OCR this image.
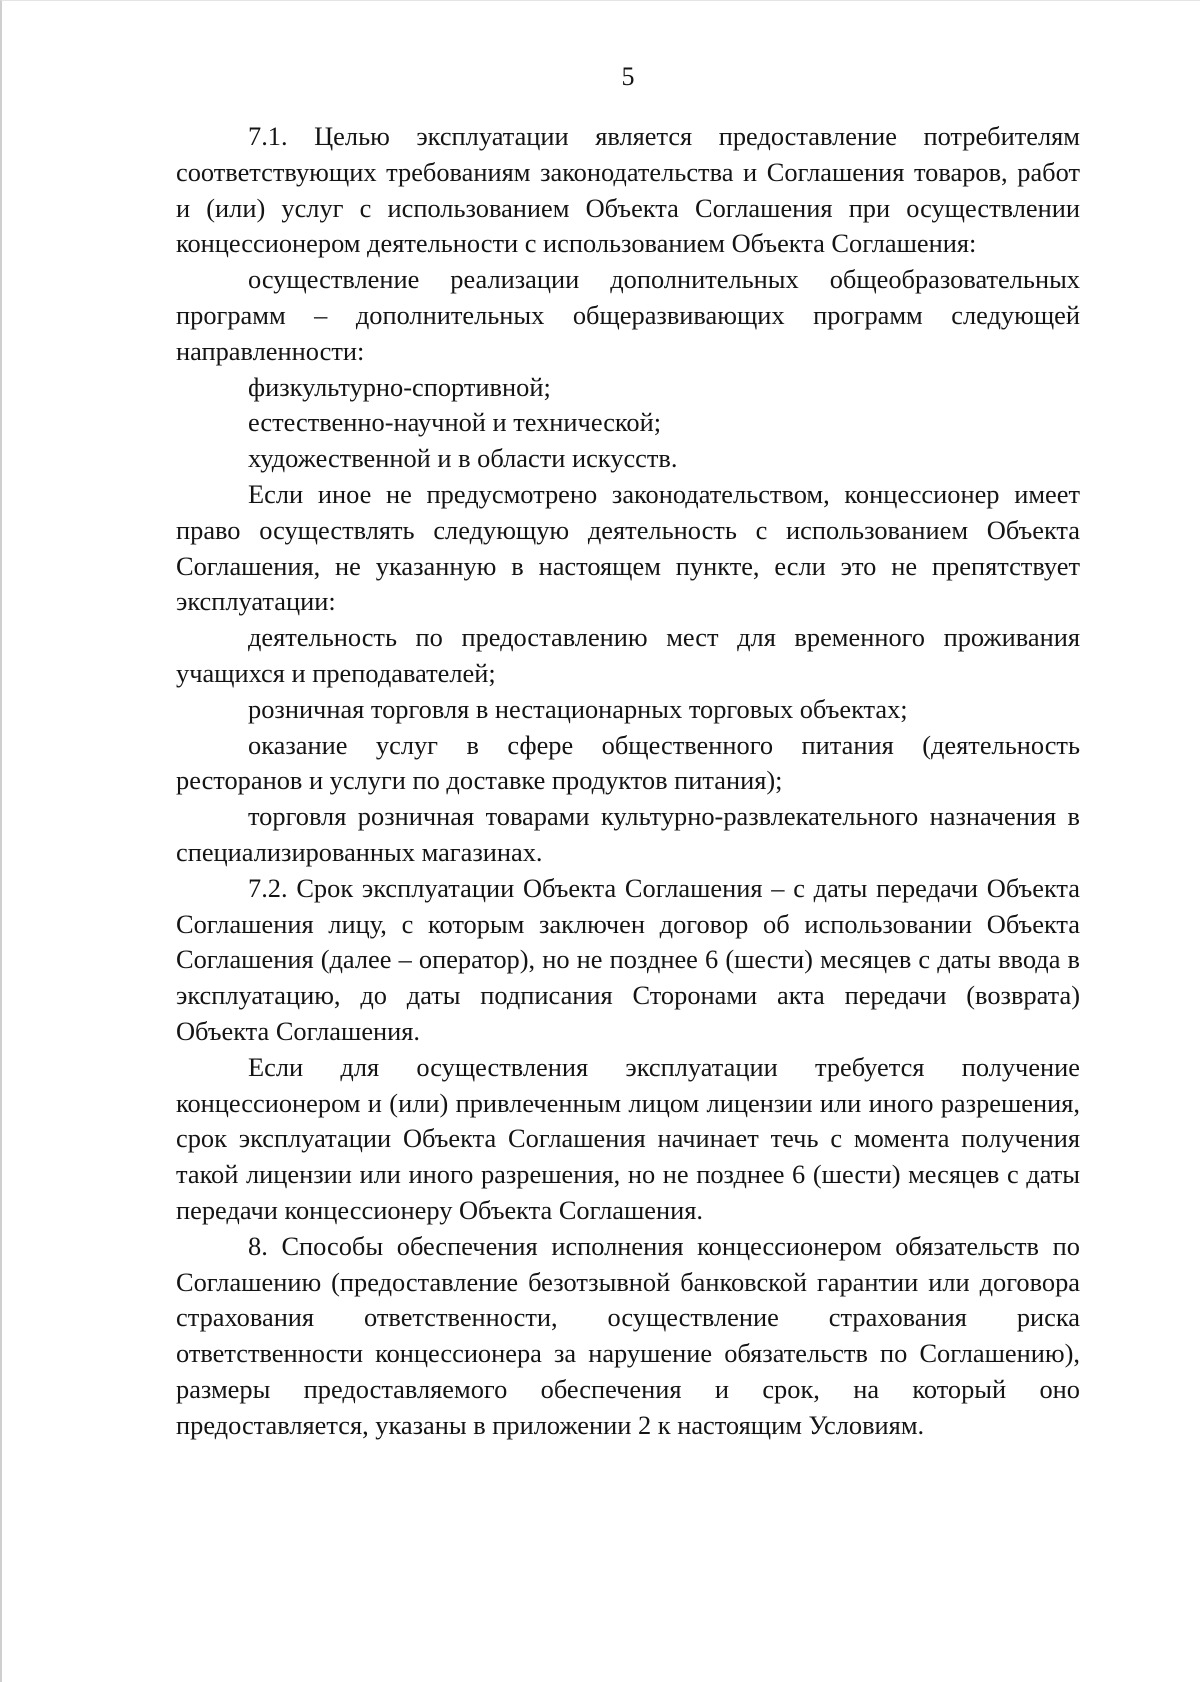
5

7.1. Целью эксплуатации является предоставление потребителям соответствующих требованиям законодательства и Соглашения товаров, работ и (или) услуг с использованием Объекта Соглашения при осуществлении концессионером деятельности с использованием Объекта Соглашения:

осуществление реализации дополнительных общеобразовательных программ – дополнительных общеразвивающих программ следующей направленности:

физкультурно-спортивной;

естественно-научной и технической;

художественной и в области искусств.

Если иное не предусмотрено законодательством, концессионер имеет право осуществлять следующую деятельность с использованием Объекта Соглашения, не указанную в настоящем пункте, если это не препятствует эксплуатации:

деятельность по предоставлению мест для временного проживания учащихся и преподавателей;

розничная торговля в нестационарных торговых объектах;

оказание услуг в сфере общественного питания (деятельность ресторанов и услуги по доставке продуктов питания);

торговля розничная товарами культурно-развлекательного назначения в специализированных магазинах.

7.2. Срок эксплуатации Объекта Соглашения – с даты передачи Объекта Соглашения лицу, с которым заключен договор об использовании Объекта Соглашения (далее – оператор), но не позднее 6 (шести) месяцев с даты ввода в эксплуатацию, до даты подписания Сторонами акта передачи (возврата) Объекта Соглашения.

Если для осуществления эксплуатации требуется получение концессионером и (или) привлеченным лицом лицензии или иного разрешения, срок эксплуатации Объекта Соглашения начинает течь с момента получения такой лицензии или иного разрешения, но не позднее 6 (шести) месяцев с даты передачи концессионеру Объекта Соглашения.

8. Способы обеспечения исполнения концессионером обязательств по Соглашению (предоставление безотзывной банковской гарантии или договора страхования ответственности, осуществление страхования риска ответственности концессионера за нарушение обязательств по Соглашению), размеры предоставляемого обеспечения и срок, на который оно предоставляется, указаны в приложении 2 к настоящим Условиям.
